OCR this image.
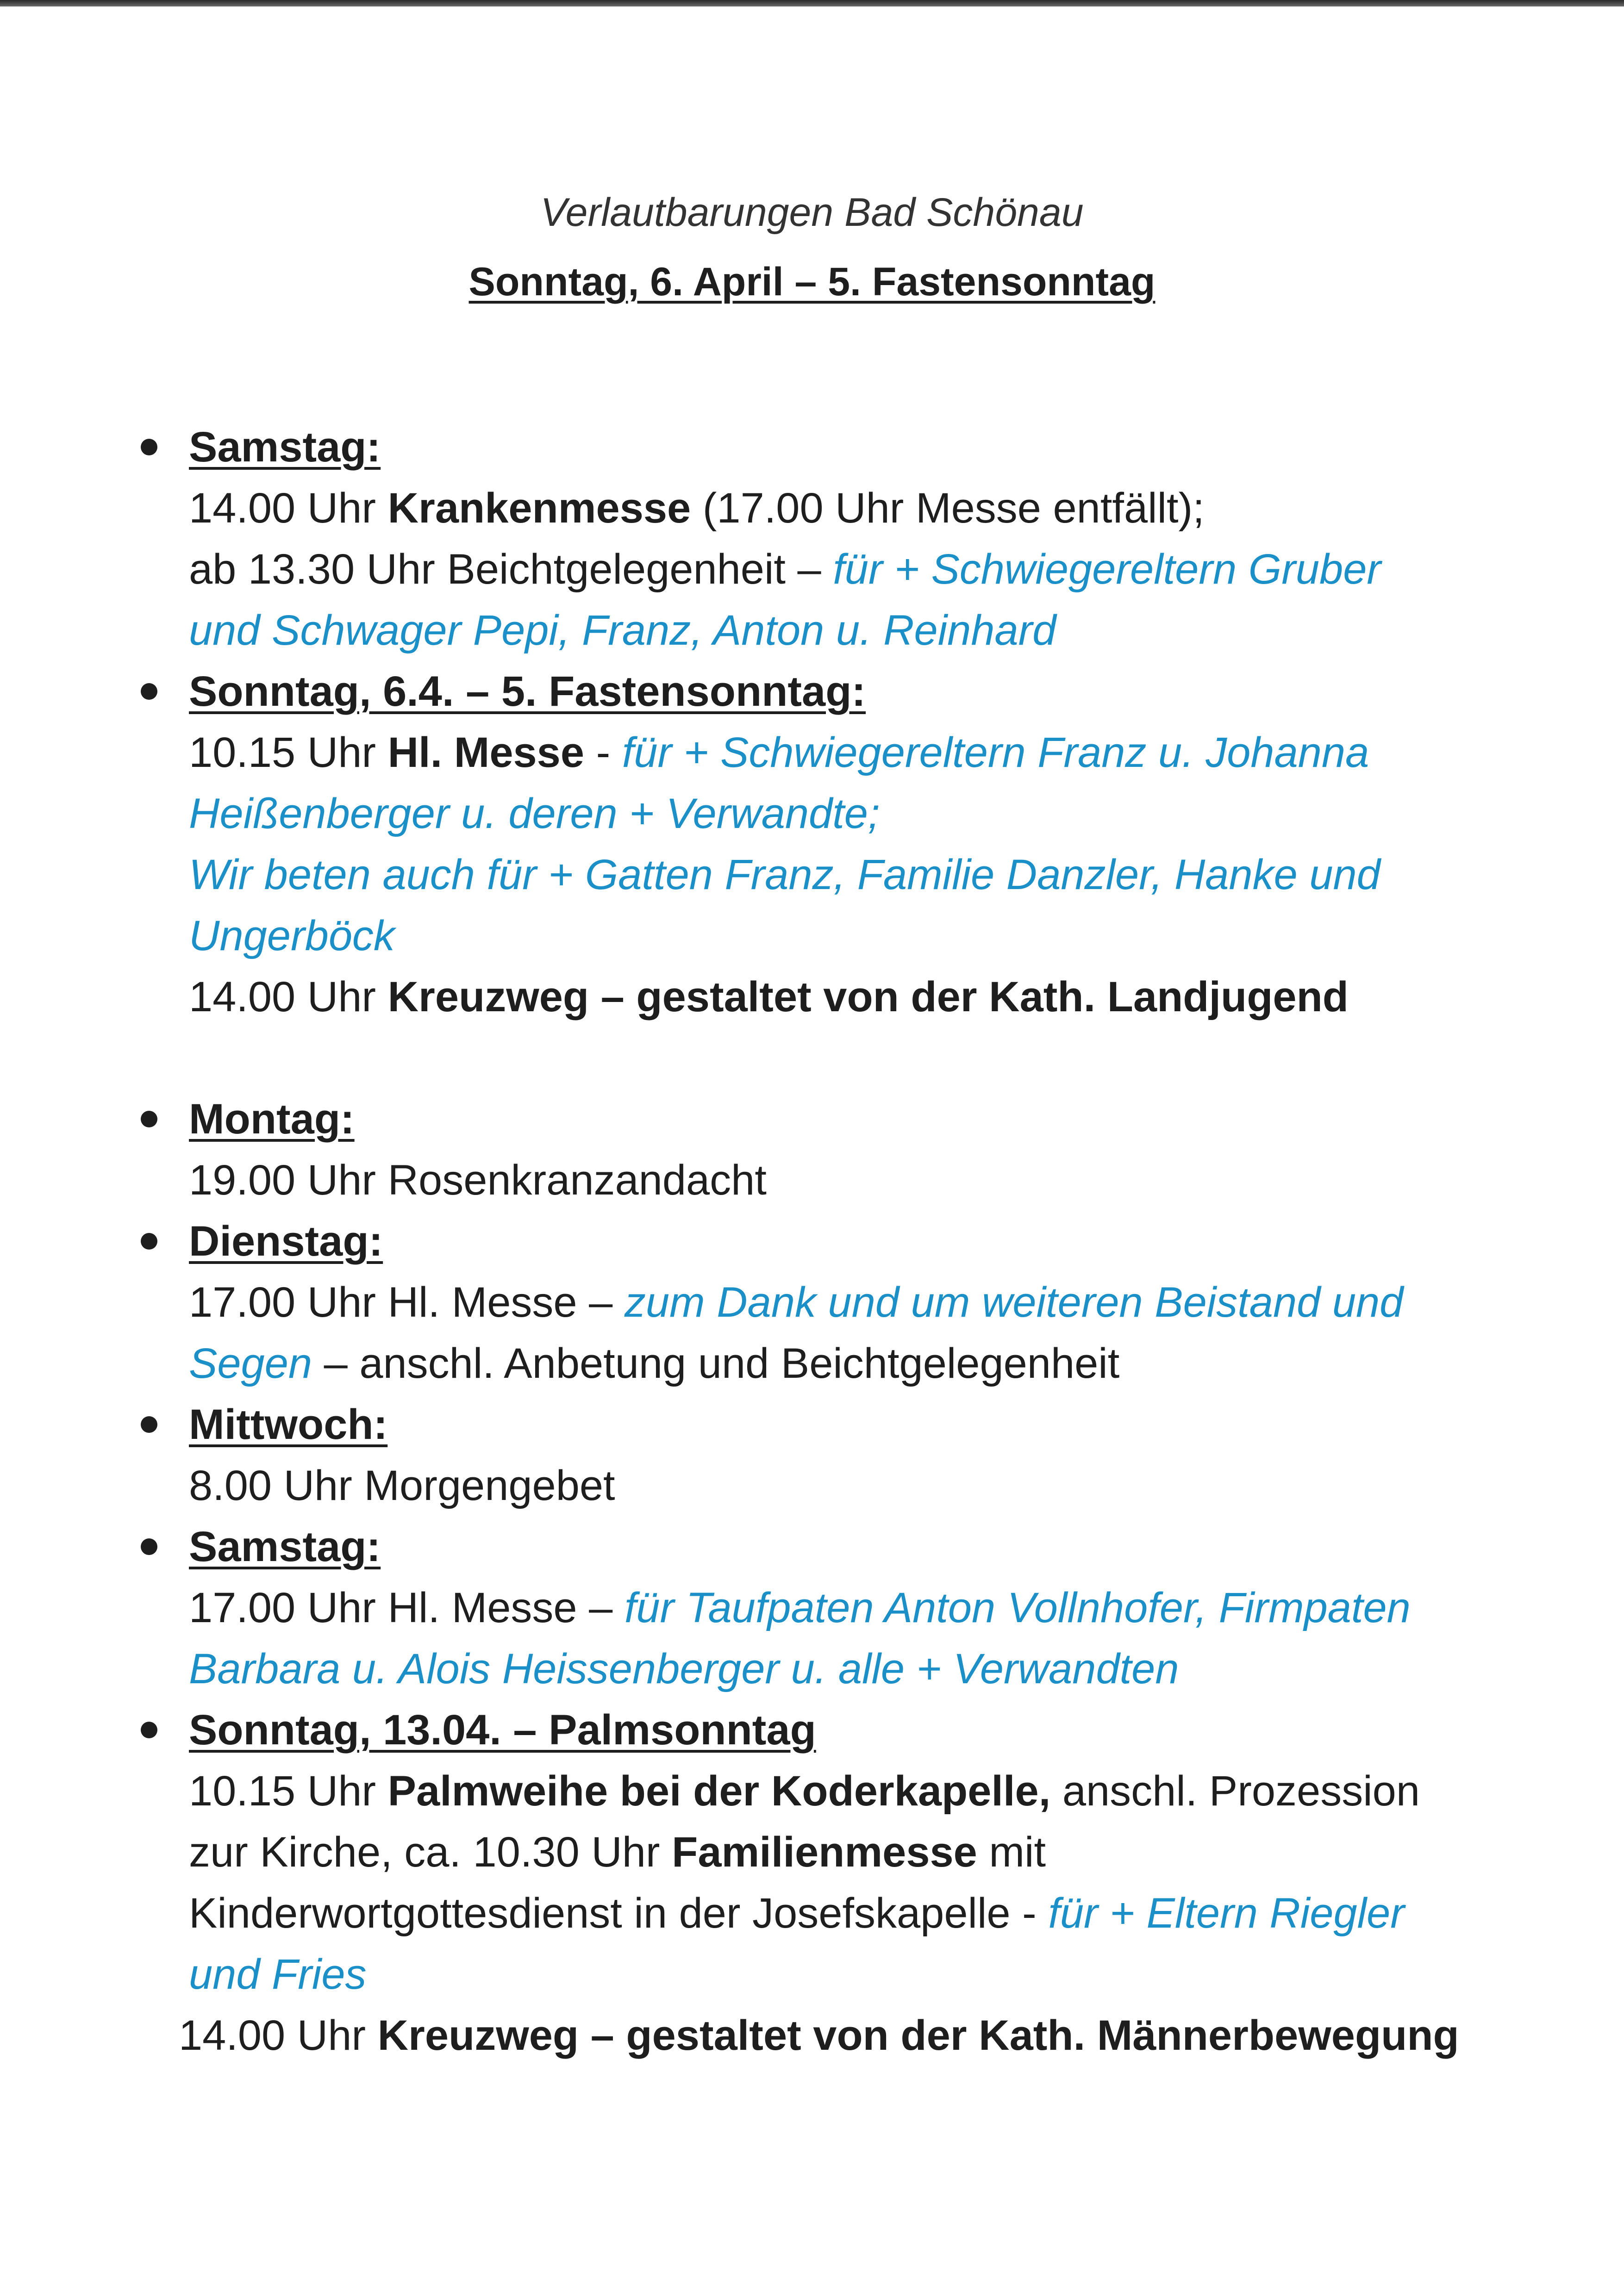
Verlautbarungen Bad Schönau
Sonntag, 6. April – 5. Fastensonntag
Samstag:
14.00 Uhr Krankenmesse (17.00 Uhr Messe entfällt);
ab 13.30 Uhr Beichtgelegenheit – für + Schwiegereltern Gruber
und Schwager Pepi, Franz, Anton u. Reinhard
Sonntag, 6.4. – 5. Fastensonntag:
10.15 Uhr Hl. Messe - für + Schwiegereltern Franz u. Johanna
Heißenberger u. deren + Verwandte;
Wir beten auch für + Gatten Franz, Familie Danzler, Hanke und
Ungerböck
14.00 Uhr Kreuzweg – gestaltet von der Kath. Landjugend
Montag:
19.00 Uhr Rosenkranzandacht
Dienstag:
17.00 Uhr Hl. Messe – zum Dank und um weiteren Beistand und
Segen – anschl. Anbetung und Beichtgelegenheit
Mittwoch:
8.00 Uhr Morgengebet
Samstag:
17.00 Uhr Hl. Messe – für Taufpaten Anton Vollnhofer, Firmpaten
Barbara u. Alois Heissenberger u. alle + Verwandten
Sonntag, 13.04. – Palmsonntag
10.15 Uhr Palmweihe bei der Koderkapelle, anschl. Prozession
zur Kirche, ca. 10.30 Uhr Familienmesse mit
Kinderwortgottesdienst in der Josefskapelle - für + Eltern Riegler
und Fries
14.00 Uhr Kreuzweg – gestaltet von der Kath. Männerbewegung
